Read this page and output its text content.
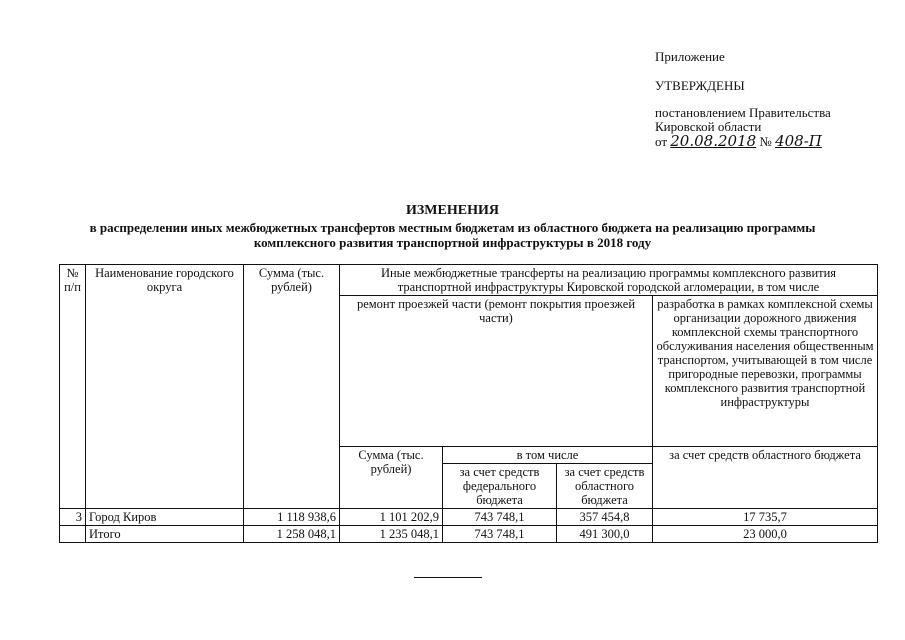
Приложение
УТВЕРЖДЕНЫ
постановлением Правительства
Кировской области
от 20.08.2018 № 408-П
ИЗМЕНЕНИЯ
в распределении иных межбюджетных трансфертов местным бюджетам из областного бюджета на реализацию программы
комплексного развития транспортной инфраструктуры в 2018 году
№ п/п	Наименование городского округа	Сумма (тыс. рублей)	Иные межбюджетные трансферты на реализацию программы комплексного развития транспортной инфраструктуры Кировской городской агломерации, в том числе			
			ремонт проезжей части (ремонт покрытия проезжей части)			разработка в рамках комплексной схемы организации дорожного движения комплексной схемы транспортного обслуживания населения общественным транспортом, учитывающей в том числе пригородные перевозки, программы комплексного развития транспортной инфраструктуры
			Сумма (тыс. рублей)	в том числе		за счет средств областного бюджета
				за счет средств федерального бюджета	за счет средств областного бюджета	
3	Город Киров	1 118 938,6	1 101 202,9	743 748,1	357 454,8	17 735,7
	Итого	1 258 048,1	1 235 048,1	743 748,1	491 300,0	23 000,0
